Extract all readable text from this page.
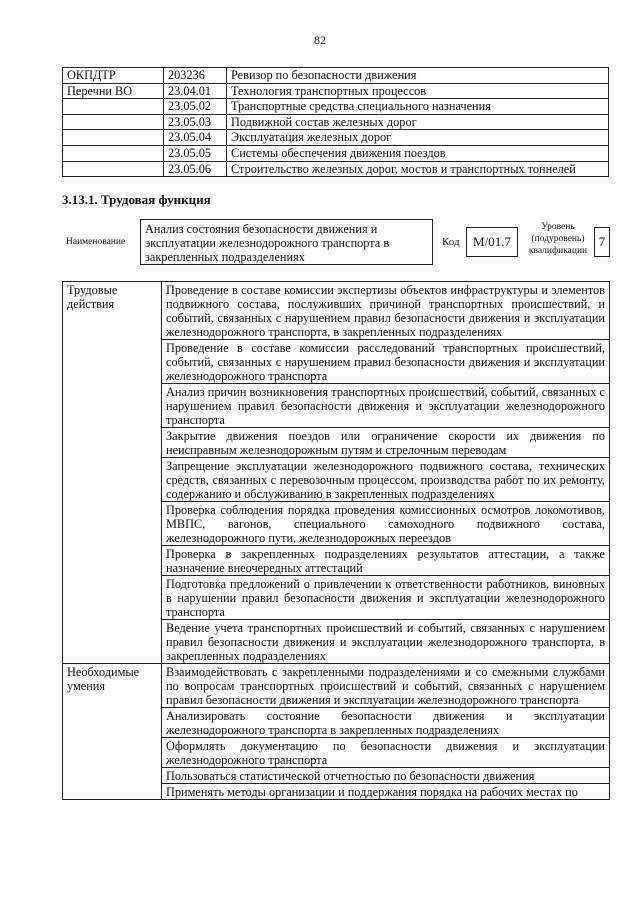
82
ОКПДТР	203236	Ревизор по безопасности движения
Перечни ВО	23.04.01	Технология транспортных процессов
	23.05.02	Транспортные средства специального назначения
	23.05.03	Подвижной состав железных дорог
	23.05.04	Эксплуатация железных дорог
	23.05.05	Системы обеспечения движения поездов
	23.05.06	Строительство железных дорог, мостов и транспортных тоннелей
3.13.1. Трудовая функция
Наименование
Анализ состояния безопасности движения и эксплуатации железнодорожного транспорта в закрепленных подразделениях
Код	М/01.7
Уровень (подуровень) квалификации
7
Трудовые действия	Проведение в составе комиссии экспертизы объектов инфраструктуры и элементов подвижного состава, послуживших причиной транспортных происшествий, и событий, связанных с нарушением правил безопасности движения и эксплуатации железнодорожного транспорта, в закрепленных подразделениях
	Проведение в составе комиссии расследований транспортных происшествий, событий, связанных с нарушением правил безопасности движения и эксплуатации железнодорожного транспорта
	Анализ причин возникновения транспортных происшествий, событий, связанных с нарушением правил безопасности движения и эксплуатации железнодорожного транспорта
	Закрытие движения поездов или ограничение скорости их движения по неисправным железнодорожным путям и стрелочным переводам
	Запрещение эксплуатации железнодорожного подвижного состава, технических средств, связанных с перевозочным процессом, производства работ по их ремонту, содержанию и обслуживанию в закрепленных подразделениях
	Проверка соблюдения порядка проведения комиссионных осмотров локомотивов, МВПС, вагонов, специального самоходного подвижного состава, железнодорожного пути, железнодорожных переездов
	Проверка в закрепленных подразделениях результатов аттестации, а также назначение внеочередных аттестаций
	Подготовка предложений о привлечении к ответственности работников, виновных в нарушении правил безопасности движения и эксплуатации железнодорожного транспорта
	Ведение учета транспортных происшествий и событий, связанных с нарушением правил безопасности движения и эксплуатации железнодорожного транспорта, в закрепленных подразделениях
Необходимые умения	Взаимодействовать с закрепленными подразделениями и со смежными службами по вопросам транспортных происшествий и событий, связанных с нарушением правил безопасности движения и эксплуатации железнодорожного транспорта
	Анализировать состояние безопасности движения и эксплуатации железнодорожного транспорта в закрепленных подразделениях
	Оформлять документацию по безопасности движения и эксплуатации железнодорожного транспорта
	Пользоваться статистической отчетностью по безопасности движения
	Применять методы организации и поддержания порядка на рабочих местах по
